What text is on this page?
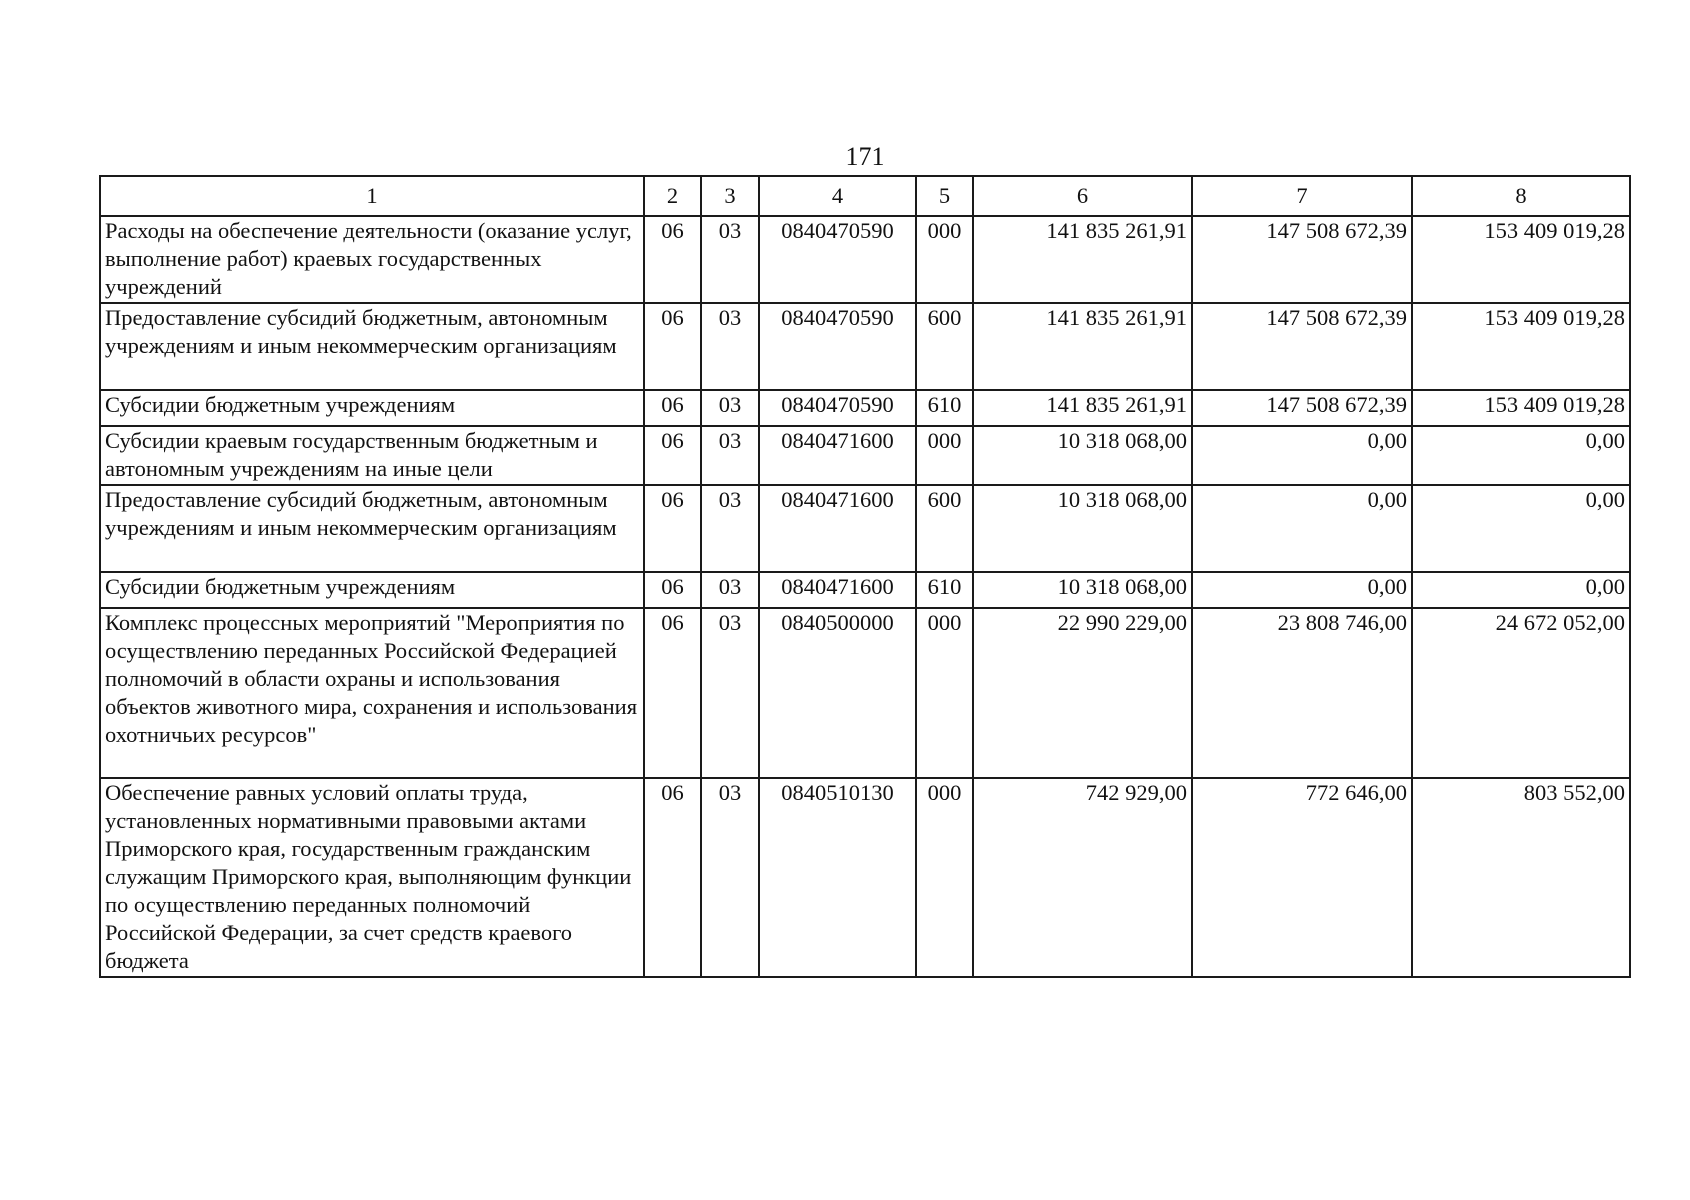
171
1	2	3	4	5	6	7	8
Расходы на обеспечение деятельности (оказание услуг, выполнение работ) краевых государственных учреждений	06	03	0840470590	000	141 835 261,91	147 508 672,39	153 409 019,28
Предоставление субсидий бюджетным, автономным учреждениям и иным некоммерческим организациям	06	03	0840470590	600	141 835 261,91	147 508 672,39	153 409 019,28
Субсидии бюджетным учреждениям	06	03	0840470590	610	141 835 261,91	147 508 672,39	153 409 019,28
Субсидии краевым государственным бюджетным и автономным учреждениям на иные цели	06	03	0840471600	000	10 318 068,00	0,00	0,00
Предоставление субсидий бюджетным, автономным учреждениям и иным некоммерческим организациям	06	03	0840471600	600	10 318 068,00	0,00	0,00
Субсидии бюджетным учреждениям	06	03	0840471600	610	10 318 068,00	0,00	0,00
Комплекс процессных мероприятий "Мероприятия по осуществлению переданных Российской Федерацией полномочий в области охраны и использования объектов животного мира, сохранения и использования охотничьих ресурсов"	06	03	0840500000	000	22 990 229,00	23 808 746,00	24 672 052,00
Обеспечение равных условий оплаты труда, установленных нормативными правовыми актами Приморского края, государственным гражданским служащим Приморского края, выполняющим функции по осуществлению переданных полномочий Российской Федерации, за счет средств краевого бюджета	06	03	0840510130	000	742 929,00	772 646,00	803 552,00
